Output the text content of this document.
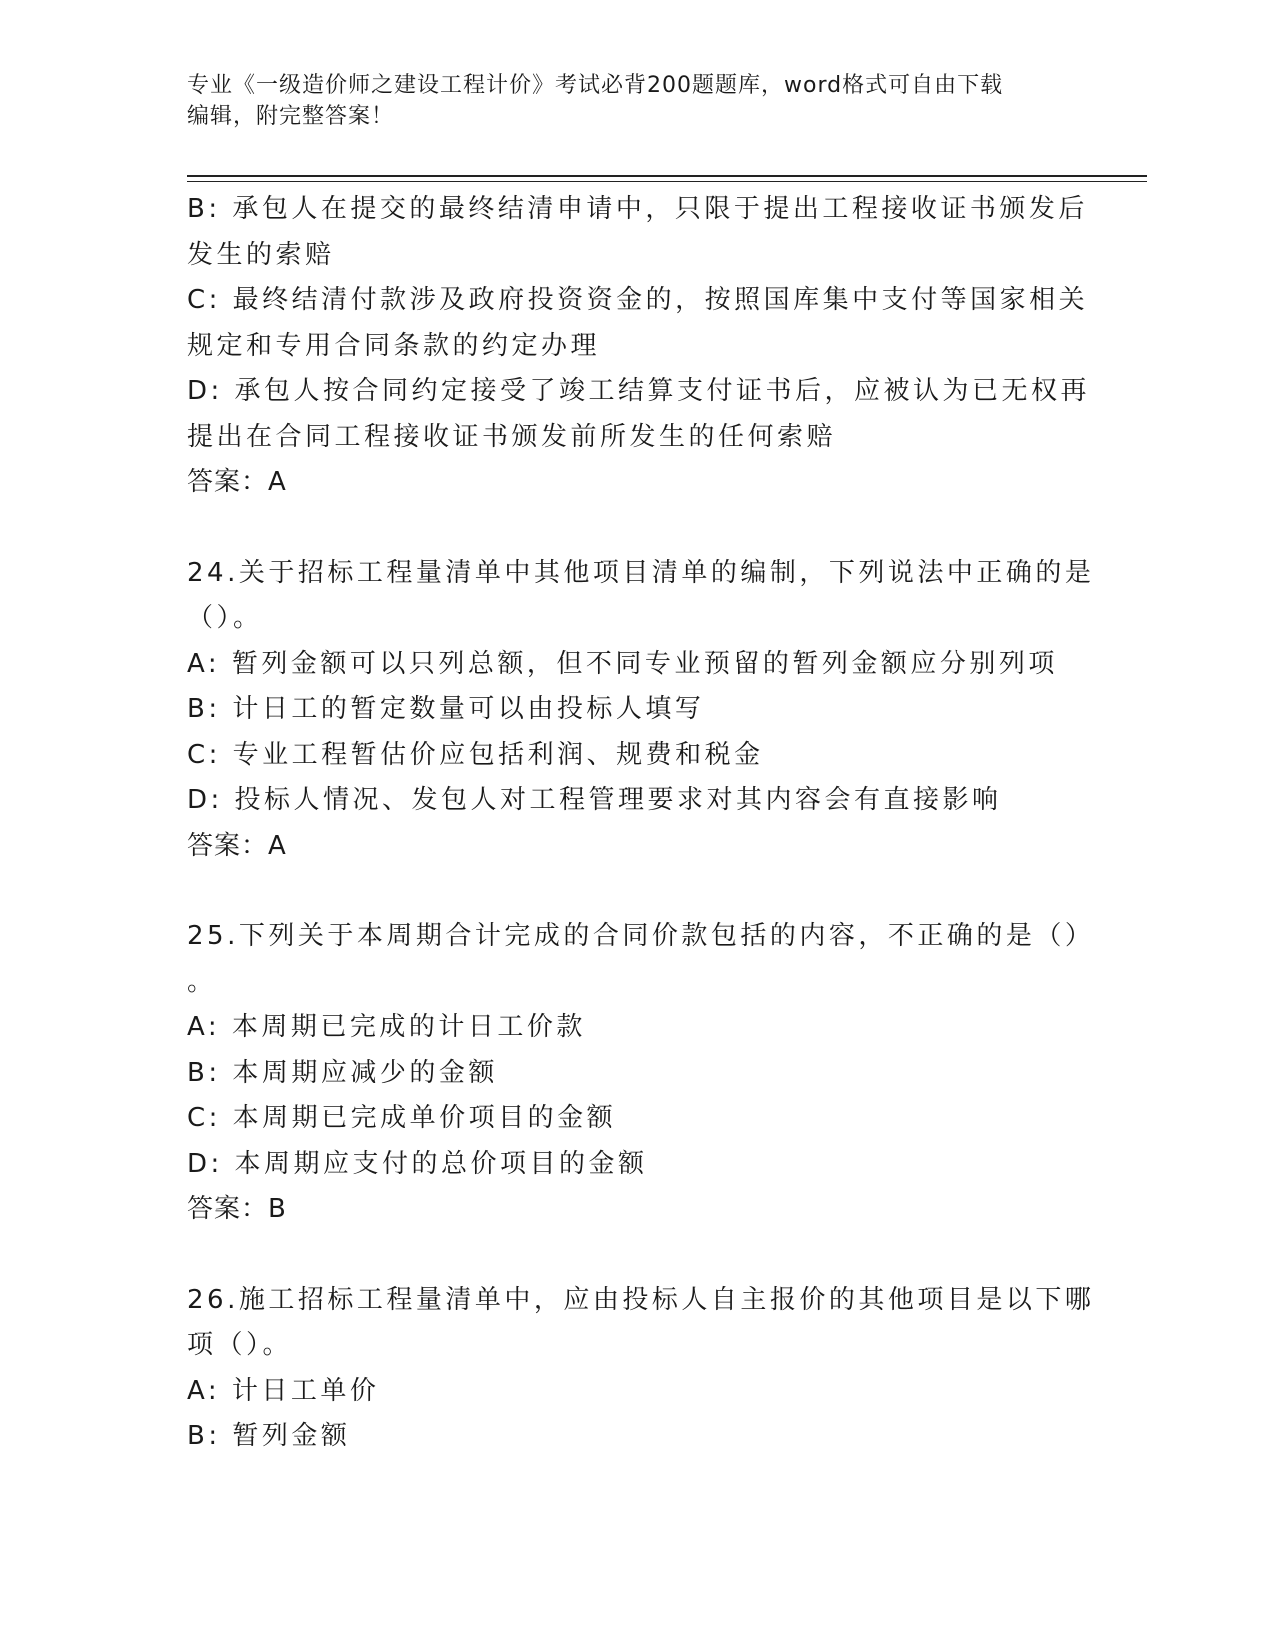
专业《一级造价师之建设工程计价》考试必背200题题库，word格式可自由下载
编辑，附完整答案！
B: 承包人在提交的最终结清申请中，只限于提出工程接收证书颁发后
发生的索赔
C: 最终结清付款涉及政府投资资金的，按照国库集中支付等国家相关
规定和专用合同条款的约定办理
D: 承包人按合同约定接受了竣工结算支付证书后，应被认为已无权再
提出在合同工程接收证书颁发前所发生的任何索赔
答案：A
24.关于招标工程量清单中其他项目清单的编制，下列说法中正确的是
（）。
A: 暂列金额可以只列总额，但不同专业预留的暂列金额应分别列项
B: 计日工的暂定数量可以由投标人填写
C: 专业工程暂估价应包括利润、规费和税金
D: 投标人情况、发包人对工程管理要求对其内容会有直接影响
答案：A
25.下列关于本周期合计完成的合同价款包括的内容，不正确的是（）
。
A: 本周期已完成的计日工价款
B: 本周期应减少的金额
C: 本周期已完成单价项目的金额
D: 本周期应支付的总价项目的金额
答案：B
26.施工招标工程量清单中，应由投标人自主报价的其他项目是以下哪
项（）。
A: 计日工单价
B: 暂列金额
